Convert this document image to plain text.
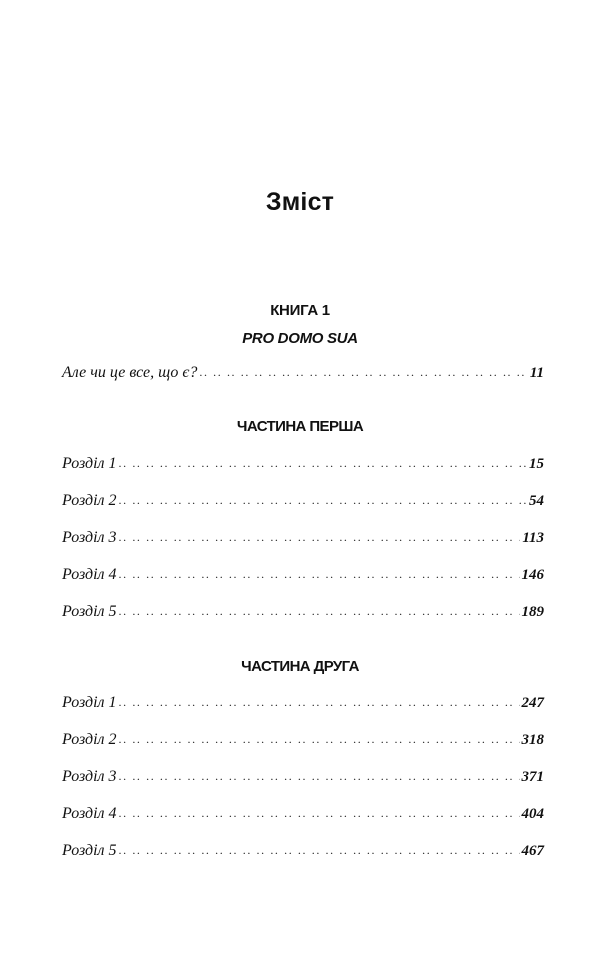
Зміст
КНИГА 1
PRO DOMO SUA
Але чи це все, що є? .. ..	11
ЧАСТИНА ПЕРША
Розділ 1 .. ..	15
Розділ 2 .. ..	54
Розділ 3 .. ..	113
Розділ 4 .. ..	146
Розділ 5 .. ..	189
ЧАСТИНА ДРУГА
Розділ 1 .. ..	247
Розділ 2 .. ..	318
Розділ 3 .. ..	371
Розділ 4 .. ..	404
Розділ 5 .. ..	467
